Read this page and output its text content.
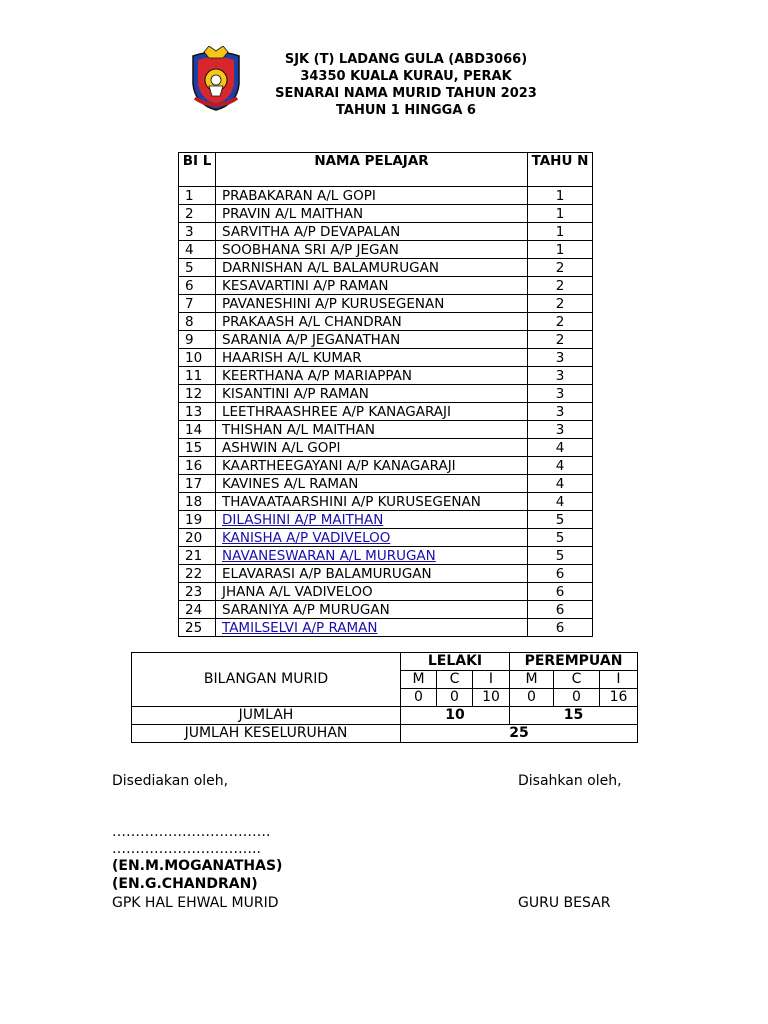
SJK (T) LADANG GULA (ABD3066)
34350 KUALA KURAU, PERAK
SENARAI NAMA MURID TAHUN 2023
TAHUN 1 HINGGA 6
BI L	NAMA PELAJAR	TAHU N
1	PRABAKARAN A/L GOPI	1
2	PRAVIN A/L MAITHAN	1
3	SARVITHA A/P DEVAPALAN	1
4	SOOBHANA SRI A/P JEGAN	1
5	DARNISHAN A/L BALAMURUGAN	2
6	KESAVARTINI A/P RAMAN	2
7	PAVANESHINI A/P KURUSEGENAN	2
8	PRAKAASH A/L CHANDRAN	2
9	SARANIA A/P JEGANATHAN	2
10	HAARISH A/L KUMAR	3
11	KEERTHANA A/P MARIAPPAN	3
12	KISANTINI A/P RAMAN	3
13	LEETHRAASHREE A/P KANAGARAJI	3
14	THISHAN A/L MAITHAN	3
15	ASHWIN A/L GOPI	4
16	KAARTHEEGAYANI A/P KANAGARAJI	4
17	KAVINES A/L RAMAN	4
18	THAVAATAARSHINI A/P KURUSEGENAN	4
19	DILASHINI A/P MAITHAN	5
20	KANISHA A/P VADIVELOO	5
21	NAVANESWARAN A/L MURUGAN	5
22	ELAVARASI A/P BALAMURUGAN	6
23	JHANA A/L VADIVELOO	6
24	SARANIYA A/P MURUGAN	6
25	TAMILSELVI A/P RAMAN	6
BILANGAN MURID	LELAKI			PEREMPUAN		
	M	C	I	M	C	I
	0	0	10	0	0	16
JUMLAH	10			15		
JUMLAH KESELURUHAN	25					
Disediakan oleh,	Disahkan oleh,
…………………………….
…………………………..
(EN.M.MOGANATHAS)
(EN.G.CHANDRAN)
GPK HAL EHWAL MURID	GURU BESAR
